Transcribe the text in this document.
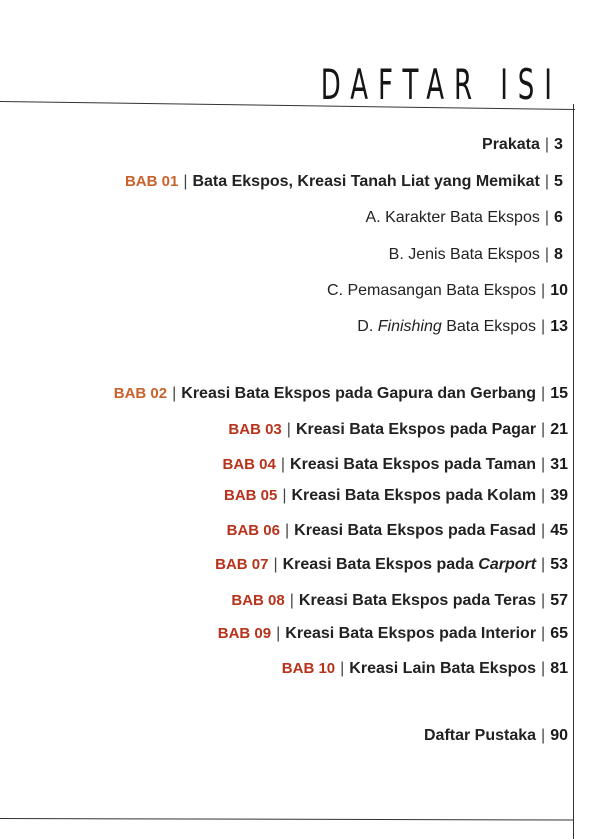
DAFTAR ISI
Prakata | 3
BAB 01 | Bata Ekspos, Kreasi Tanah Liat yang Memikat | 5
A. Karakter Bata Ekspos | 6
B. Jenis Bata Ekspos | 8
C. Pemasangan Bata Ekspos | 10
D. Finishing Bata Ekspos | 13
BAB 02 | Kreasi Bata Ekspos pada Gapura dan Gerbang | 15
BAB 03 | Kreasi Bata Ekspos pada Pagar | 21
BAB 04 | Kreasi Bata Ekspos pada Taman | 31
BAB 05 | Kreasi Bata Ekspos pada Kolam | 39
BAB 06 | Kreasi Bata Ekspos pada Fasad | 45
BAB 07 | Kreasi Bata Ekspos pada Carport | 53
BAB 08 | Kreasi Bata Ekspos pada Teras | 57
BAB 09 | Kreasi Bata Ekspos pada Interior | 65
BAB 10 | Kreasi Lain Bata Ekspos | 81
Daftar Pustaka | 90
